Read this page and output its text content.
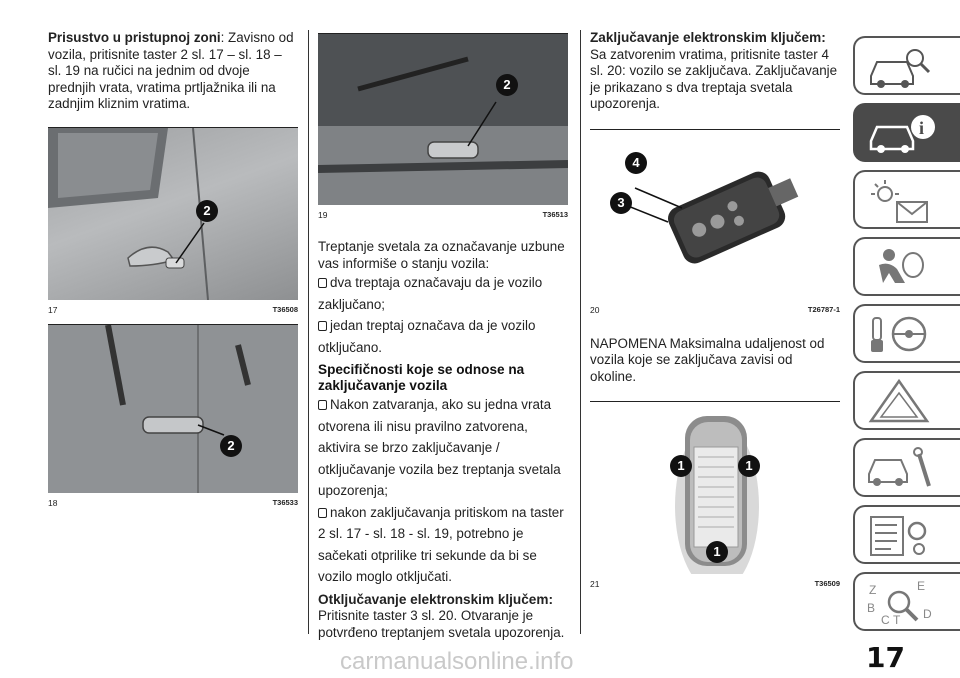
Prisustvo u pristupnoj zoni: Zavisno od vozila, pritisnite taster 2 sl. 17 – sl. 18 – sl. 19 na ručici na jednim od dvoje prednjih vrata, vratima prtljažnika ili na zadnjim kliznim vratima.

2
17	T36508
2
18	T36533
2
19	T36513

Treptanje svetala za označavanje uzbune vas informiše o stanju vozila:

dva treptaja označavaju da je vozilo zaključano;
jedan treptaj označava da je vozilo otključano.
Specifičnosti koje se odnose na zaključavanje vozila
Nakon zatvaranja, ako su jedna vrata otvorena ili nisu pravilno zatvorena, aktivira se brzo zaključavanje / otključavanje vozila bez treptanja svetala upozorenja;
nakon zaključavanja pritiskom na taster 2 sl. 17 - sl. 18 - sl. 19, potrebno je sačekati otprilike tri sekunde da bi se vozilo moglo otključati.

Otključavanje elektronskim ključem: Pritisnite taster 3 sl. 20. Otvaranje je potvrđeno treptanjem svetala upozorenja.

Zaključavanje elektronskim ključem: Sa zatvorenim vratima, pritisnite taster 4 sl. 20: vozilo se zaključava. Zaključavanje je prikazano s dva treptaja svetala upozorenja.

4
3
20	T26787-1

NAPOMENA Maksimalna udaljenost od vozila koje se zaključava zavisi od okoline.

1	1
1
21	T36509
i
Z	E
B
C	D
T
17
carmanualsonline.info
